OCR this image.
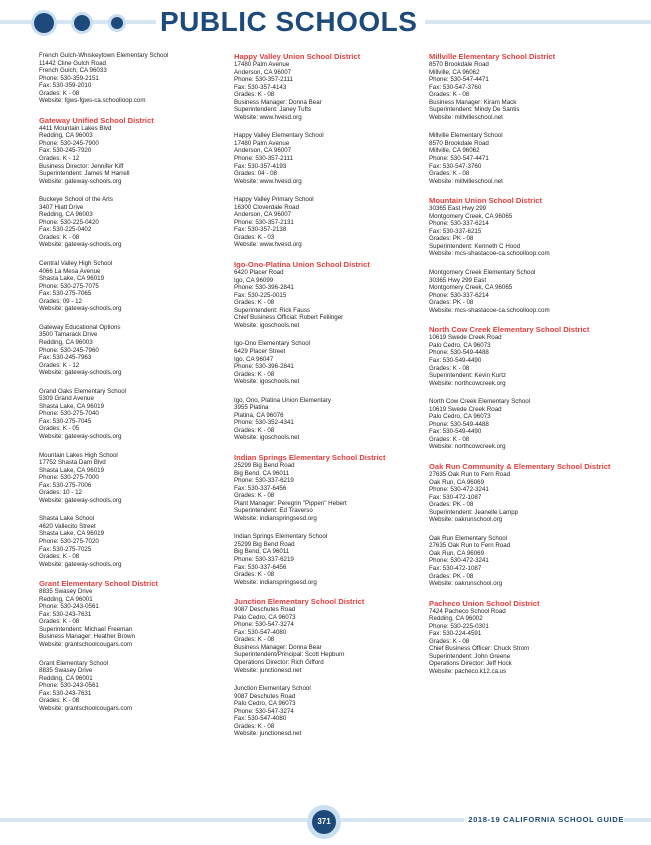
PUBLIC SCHOOLS
French Gulch-Whiskeytown Elementary School
11442 Cline Gulch Road
French Gulch, CA 96033
Phone: 530-359-2151
Fax: 530-359-2010
Grades: K - 08
Website: fgws-fgws-ca.schoolloop.com
Gateway Unified School District
4411 Mountain Lakes Blvd
Redding, CA 96003
Phone: 530-245-7900
Fax: 530-245-7920
Grades: K - 12
Business Director: Jennifer Kiff
Superintendent: James M Harrell
Website: gateway-schools.org
Buckeye School of the Arts
3407 Hiatt Drive
Redding, CA 96003
Phone: 530-225-0420
Fax: 530-225-0402
Grades: K - 08
Website: gateway-schools.org
Central Valley High School
4066 La Mesa Avenue
Shasta Lake, CA 96019
Phone: 530-275-7075
Fax: 530-275-7065
Grades: 09 - 12
Website: gateway-schools.org
Gateway Educational Options
3500 Tamarack Drive
Redding, CA 96003
Phone: 530-245-7960
Fax: 530-245-7963
Grades: K - 12
Website: gateway-schools.org
Grand Oaks Elementary School
5309 Grand Avenue
Shasta Lake, CA 96019
Phone: 530-275-7040
Fax: 530-275-7045
Grades: K - 05
Website: gateway-schools.org
Mountain Lakes High School
17752 Shasta Dam Blvd
Shasta Lake, CA 96019
Phone: 530-275-7000
Fax: 530-275-7006
Grades: 10 - 12
Website: gateway-schools.org
Shasta Lake School
4620 Vallecito Street
Shasta Lake, CA 96019
Phone: 530-275-7020
Fax: 530-275-7025
Grades: K - 08
Website: gateway-schools.org
Grant Elementary School District
8835 Swasey Drive
Redding, CA 96001
Phone: 530-243-0561
Fax: 530-243-7631
Grades: K - 08
Superintendent: Michael Freeman
Business Manager: Heather Brown
Website: grantschoolcougars.com
Grant Elementary School
8835 Swasey Drive
Redding, CA 96001
Phone: 530-243-0561
Fax: 530-243-7631
Grades: K - 08
Website: grantschoolcougars.com
Happy Valley Union School District
17480 Palm Avenue
Anderson, CA 96007
Phone: 530-357-2111
Fax: 530-357-4143
Grades: K - 08
Business Manager: Donna Bear
Superintendent: Janey Tufts
Website: www.hvesd.org
Happy Valley Elementary School
17480 Palm Avenue
Anderson, CA 96007
Phone: 530-357-2111
Fax: 530-357-4193
Grades: 04 - 08
Website: www.hvesd.org
Happy Valley Primary School
16300 Cloverdale Road
Anderson, CA 96007
Phone: 530-357-2131
Fax: 530-357-2138
Grades: K - 03
Website: www.hvesd.org
Igo-Ono-Platina Union School District
6420 Placer Road
Igo, CA 96099
Phone: 530-396-2841
Fax: 530-225-0015
Grades: K - 08
Superintendent: Rick Fauss
Chief Business Official: Robert Fellinger
Website: igoschools.net
Igo-Ono Elementary School
6429 Placer Street
Igo, CA 96047
Phone: 530-396-2841
Grades: K - 08
Website: igoschools.net
Igo, Ono, Platina Union Elementary
3955 Platina
Platina, CA 96076
Phone: 530-352-4341
Grades: K - 08
Website: igoschools.net
Indian Springs Elementary School District
25299 Big Bend Road
Big Bend, CA 96011
Phone: 530-337-6219
Fax: 530-337-6456
Grades: K - 08
Plant Manager: Peregrin "Pippen" Hebert
Superintendent: Ed Traverso
Website: indianspringsesd.org
Indian Springs Elementary School
25299 Big Bend Road
Big Bend, CA 96011
Phone: 530-337-6219
Fax: 530-337-6456
Grades: K - 08
Website: indianspringsesd.org
Junction Elementary School District
9087 Deschutes Road
Palo Cedro, CA 96073
Phone: 530-547-3274
Fax: 530-547-4080
Grades: K - 08
Business Manager: Donna Bear
Superintendent/Principal: Scott Hepburn
Operations Director: Rich Gifford
Website: junctionesd.net
Junction Elementary School
9087 Deschutes Road
Palo Cedro, CA 96073
Phone: 530-547-3274
Fax: 530-547-4080
Grades: K - 08
Website: junctionesd.net
Millville Elementary School District
8570 Brookdale Road
Millville, CA 96062
Phone: 530-547-4471
Fax: 530-547-3760
Grades: K - 08
Business Manager: Kiram Mack
Superintendent: Mindy De Santis
Website: millvilleschool.net
Millville Elementary School
8570 Brookdale Road
Millville, CA 96062
Phone: 530-547-4471
Fax: 530-547-3760
Grades: K - 08
Website: millvilleschool.net
Mountain Union School District
30365 East Hwy 299
Montgomery Creek, CA 96065
Phone: 530-337-6214
Fax: 530-337-6215
Grades: PK - 08
Superintendent: Kenneth C Hood
Website: mcs-shastacoe-ca.schoolloop.com
Montgomery Creek Elementary School
30365 Hwy 299 East
Montgomery Creek, CA 96065
Phone: 530-337-6214
Grades: PK - 08
Website: mcs-shastacoe-ca.schoolloop.com
North Cow Creek Elementary School District
10619 Swede Creek Road
Palo Cedro, CA 96073
Phone: 530-549-4488
Fax: 530-549-4490
Grades: K - 08
Superintendent: Kevin Kurtz
Website: northcowcreek.org
North Cow Creek Elementary School
10619 Swede Creek Road
Palo Cedro, CA 96073
Phone: 530-549-4488
Fax: 530-549-4490
Grades: K - 08
Website: northcowcreek.org
Oak Run Community & Elementary School District
27635 Oak Run to Fern Road
Oak Run, CA 96069
Phone: 530-472-3241
Fax: 530-472-1087
Grades: PK - 08
Superintendent: Jeanelle Lampp
Website: oakrunschool.org
Oak Run Elementary School
27635 Oak Run to Fern Road
Oak Run, CA 96069
Phone: 530-472-3241
Fax: 530-472-1087
Grades: PK - 08
Website: oakrunschool.org
Pacheco Union School District
7424 Pacheco School Road
Redding, CA 96002
Phone: 530-225-0301
Fax: 530-224-4591
Grades: K - 08
Chief Business Officer: Chuck Strom
Superintendent: John Greene
Operations Director: Jeff Hock
Website: pacheco.k12.ca.us
371	2018-19 CALIFORNIA SCHOOL GUIDE
